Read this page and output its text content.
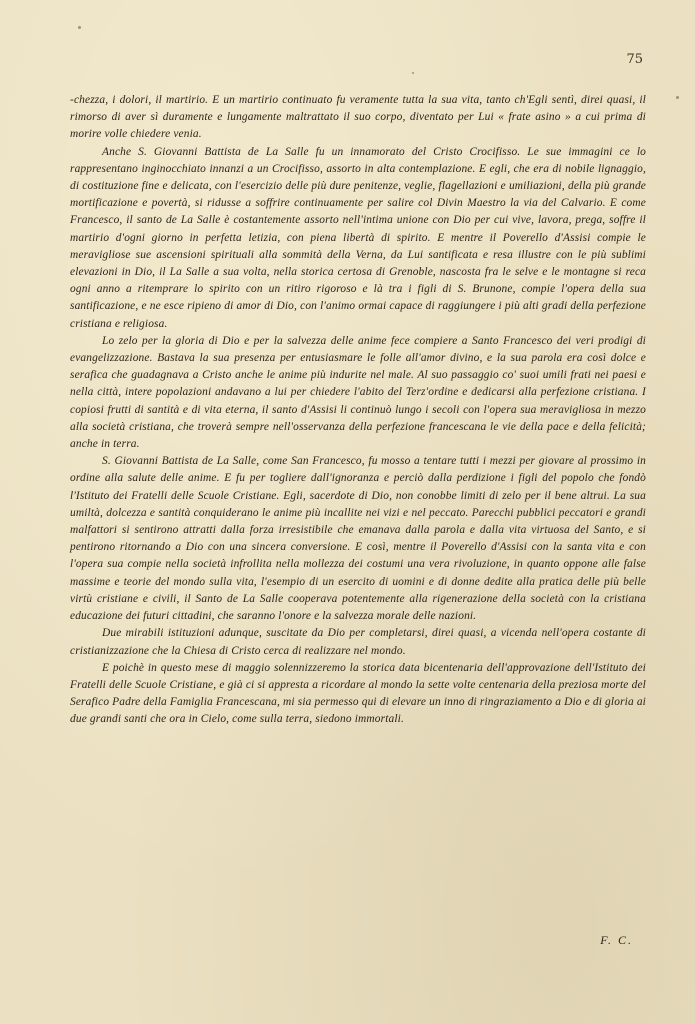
75

-chezza, i dolori, il martirio. E un martirio continuato fu veramente tutta la sua vita, tanto ch'Egli sentì, direi quasi, il rimorso di aver sì duramente e lungamente maltrattato il suo corpo, diventato per Lui « frate asino » a cui prima di morire volle chiedere venia.

Anche S. Giovanni Battista de La Salle fu un innamorato del Cristo Crocifisso. Le sue immagini ce lo rappresentano inginocchiato innanzi a un Crocifisso, assorto in alta contemplazione. E egli, che era di nobile lignaggio, di costituzione fine e delicata, con l'esercizio delle più dure penitenze, veglie, flagellazioni e umiliazioni, della più grande mortificazione e povertà, si ridusse a soffrire continuamente per salire col Divin Maestro la via del Calvario. E come Francesco, il santo de La Salle è costantemente assorto nell'intima unione con Dio per cui vive, lavora, prega, soffre il martirio d'ogni giorno in perfetta letizia, con piena libertà di spirito. E mentre il Poverello d'Assisi compie le meravigliose sue ascensioni spirituali alla sommità della Verna, da Lui santificata e resa illustre con le più sublimi elevazioni in Dio, il La Salle a sua volta, nella storica certosa di Grenoble, nascosta fra le selve e le montagne si reca ogni anno a ritemprare lo spirito con un ritiro rigoroso e là tra i figli di S. Brunone, compie l'opera della sua santificazione, e ne esce ripieno di amor di Dio, con l'animo ormai capace di raggiungere i più alti gradi della perfezione cristiana e religiosa.

Lo zelo per la gloria di Dio e per la salvezza delle anime fece compiere a Santo Francesco dei veri prodigi di evangelizzazione. Bastava la sua presenza per entusiasmare le folle all'amor divino, e la sua parola era così dolce e serafica che guadagnava a Cristo anche le anime più indurite nel male. Al suo passaggio co' suoi umili frati nei paesi e nella città, intere popolazioni andavano a lui per chiedere l'abito del Terz'ordine e dedicarsi alla perfezione cristiana. I copiosi frutti di santità e di vita eterna, il santo d'Assisi li continuò lungo i secoli con l'opera sua meravigliosa in mezzo alla società cristiana, che troverà sempre nell'osservanza della perfezione francescana le vie della pace e della felicità; anche in terra.

S. Giovanni Battista de La Salle, come San Francesco, fu mosso a tentare tutti i mezzi per giovare al prossimo in ordine alla salute delle anime. E fu per togliere dall'ignoranza e perciò dalla perdizione i figli del popolo che fondò l'Istituto dei Fratelli delle Scuole Cristiane. Egli, sacerdote di Dio, non conobbe limiti di zelo per il bene altrui. La sua umiltà, dolcezza e santità conquiderano le anime più incallite nei vizi e nel peccato. Parecchi pubblici peccatori e grandi malfattori si sentirono attratti dalla forza irresistibile che emanava dalla parola e dalla vita virtuosa del Santo, e si pentirono ritornando a Dio con una sincera conversione. E così, mentre il Poverello d'Assisi con la santa vita e con l'opera sua compie nella società infrollita nella mollezza dei costumi una vera rivoluzione, in quanto oppone alle false massime e teorie del mondo sulla vita, l'esempio di un esercito di uomini e di donne dedite alla pratica delle più belle virtù cristiane e civili, il Santo de La Salle cooperava potentemente alla rigenerazione della società con la cristiana educazione dei futuri cittadini, che saranno l'onore e la salvezza morale delle nazioni.

Due mirabili istituzioni adunque, suscitate da Dio per completarsi, direi quasi, a vicenda nell'opera costante di cristianizzazione che la Chiesa di Cristo cerca di realizzare nel mondo.

E poichè in questo mese di maggio solennizzeremo la storica data bicentenaria dell'approvazione dell'Istituto dei Fratelli delle Scuole Cristiane, e già ci si appresta a ricordare al mondo la sette volte centenaria della preziosa morte del Serafico Padre della Famiglia Francescana, mi sia permesso qui di elevare un inno di ringraziamento a Dio e di gloria ai due grandi santi che ora in Cielo, come sulla terra, siedono immortali.

F. C.
